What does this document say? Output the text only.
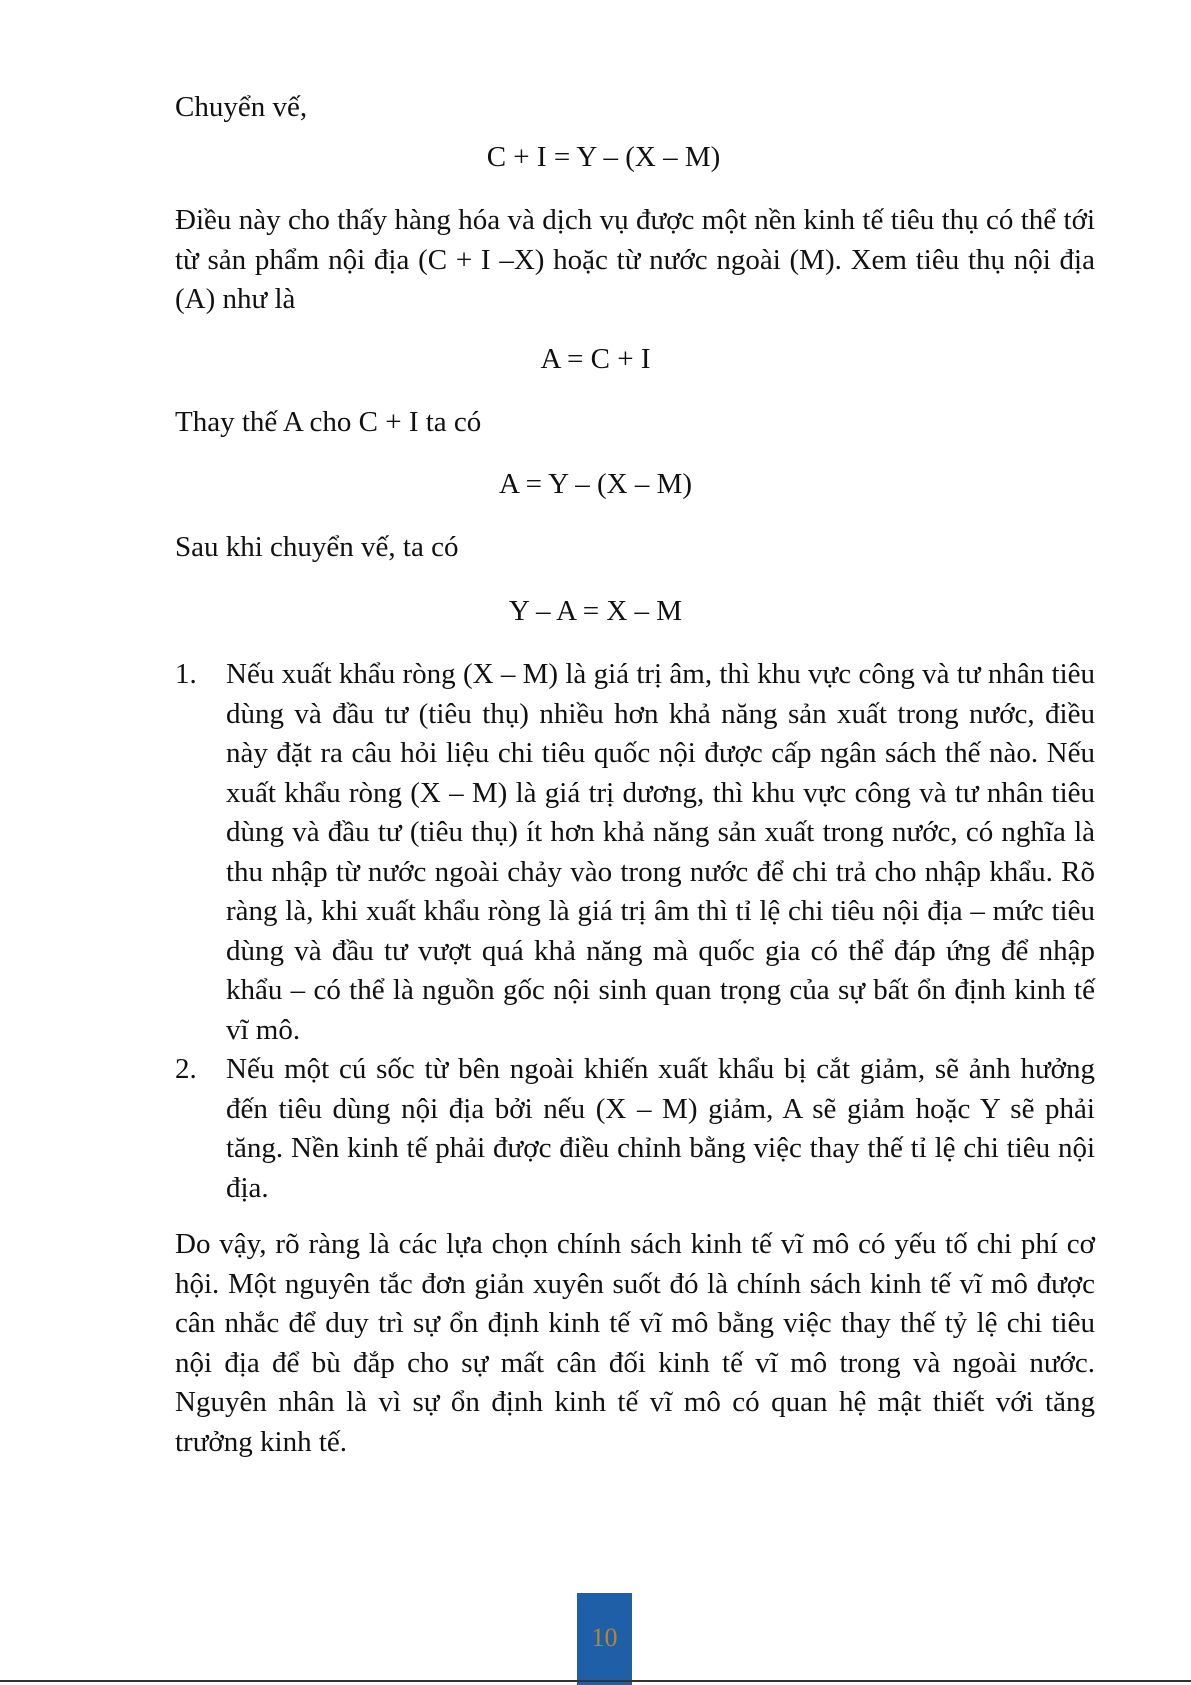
Chuyển vế,

C + I = Y – (X – M)

Điều này cho thấy hàng hóa và dịch vụ được một nền kinh tế tiêu thụ có thể tới từ sản phẩm nội địa (C + I –X) hoặc từ nước ngoài (M). Xem tiêu thụ nội địa (A) như là

A = C + I

Thay thế A cho C + I ta có

A = Y – (X – M)

Sau khi chuyển vế, ta có

Y – A = X – M

1. Nếu xuất khẩu ròng (X – M) là giá trị âm, thì khu vực công và tư nhân tiêu dùng và đầu tư (tiêu thụ) nhiều hơn khả năng sản xuất trong nước, điều này đặt ra câu hỏi liệu chi tiêu quốc nội được cấp ngân sách thế nào. Nếu xuất khẩu ròng (X – M) là giá trị dương, thì khu vực công và tư nhân tiêu dùng và đầu tư (tiêu thụ) ít hơn khả năng sản xuất trong nước, có nghĩa là thu nhập từ nước ngoài chảy vào trong nước để chi trả cho nhập khẩu. Rõ ràng là, khi xuất khẩu ròng là giá trị âm thì tỉ lệ chi tiêu nội địa – mức tiêu dùng và đầu tư vượt quá khả năng mà quốc gia có thể đáp ứng để nhập khẩu – có thể là nguồn gốc nội sinh quan trọng của sự bất ổn định kinh tế vĩ mô.

2. Nếu một cú sốc từ bên ngoài khiến xuất khẩu bị cắt giảm, sẽ ảnh hưởng đến tiêu dùng nội địa bởi nếu (X – M) giảm, A sẽ giảm hoặc Y sẽ phải tăng. Nền kinh tế phải được điều chỉnh bằng việc thay thế tỉ lệ chi tiêu nội địa.

Do vậy, rõ ràng là các lựa chọn chính sách kinh tế vĩ mô có yếu tố chi phí cơ hội. Một nguyên tắc đơn giản xuyên suốt đó là chính sách kinh tế vĩ mô được cân nhắc để duy trì sự ổn định kinh tế vĩ mô bằng việc thay thế tỷ lệ chi tiêu nội địa để bù đắp cho sự mất cân đối kinh tế vĩ mô trong và ngoài nước. Nguyên nhân là vì sự ổn định kinh tế vĩ mô có quan hệ mật thiết với tăng trưởng kinh tế.

10
